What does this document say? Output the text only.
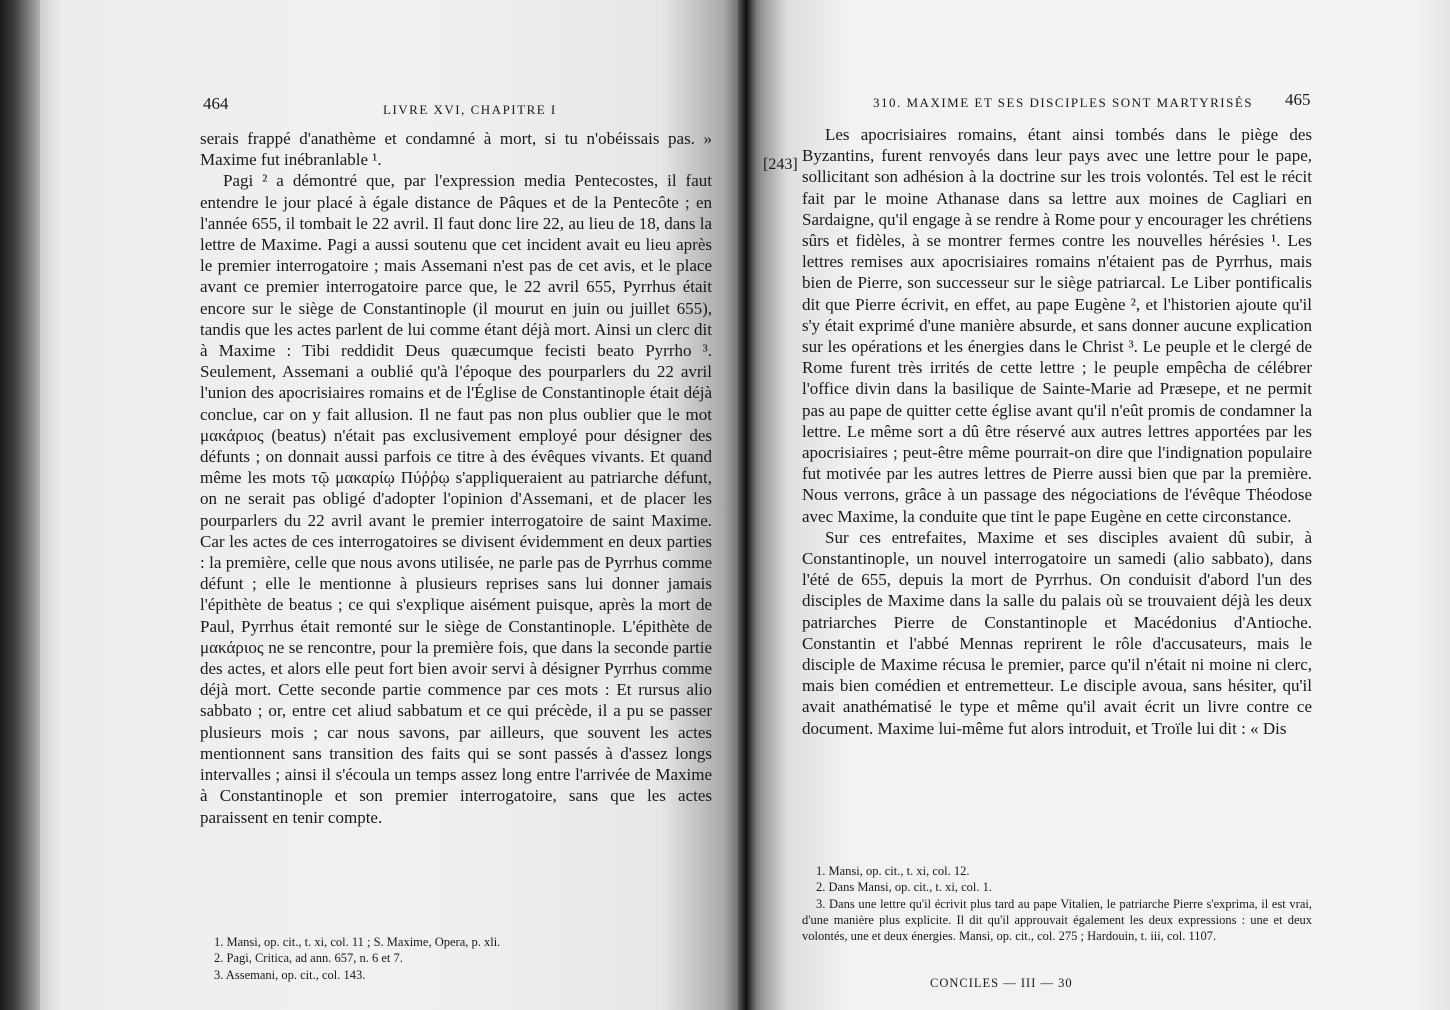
464	LIVRE XVI, CHAPITRE I

serais frappé d'anathème et condamné à mort, si tu n'obéissais pas. » Maxime fut inébranlable ¹.

Pagi ² a démontré que, par l'expression media Pentecostes, il faut entendre le jour placé à égale distance de Pâques et de la Pentecôte ; en l'année 655, il tombait le 22 avril. Il faut donc lire 22, au lieu de 18, dans la lettre de Maxime. Pagi a aussi soutenu que cet incident avait eu lieu après le premier interrogatoire ; mais Assemani n'est pas de cet avis, et le place avant ce premier interrogatoire parce que, le 22 avril 655, Pyrrhus était encore sur le siège de Constantinople (il mourut en juin ou juillet 655), tandis que les actes parlent de lui comme étant déjà mort. Ainsi un clerc dit à Maxime : Tibi reddidit Deus quæcumque fecisti beato Pyrrho ³. Seulement, Assemani a oublié qu'à l'époque des pourparlers du 22 avril l'union des apocrisiaires romains et de l'Église de Constantinople était déjà conclue, car on y fait allusion. Il ne faut pas non plus oublier que le mot μακάριος (beatus) n'était pas exclusivement employé pour désigner des défunts ; on donnait aussi parfois ce titre à des évêques vivants. Et quand même les mots τῷ μακαρίῳ Πύῤῥῳ s'appliqueraient au patriarche défunt, on ne serait pas obligé d'adopter l'opinion d'Assemani, et de placer les pourparlers du 22 avril avant le premier interrogatoire de saint Maxime. Car les actes de ces interrogatoires se divisent évidemment en deux parties : la première, celle que nous avons utilisée, ne parle pas de Pyrrhus comme défunt ; elle le mentionne à plusieurs reprises sans lui donner jamais l'épithète de beatus ; ce qui s'explique aisément puisque, après la mort de Paul, Pyrrhus était remonté sur le siège de Constantinople. L'épithète de μακάριος ne se rencontre, pour la première fois, que dans la seconde partie des actes, et alors elle peut fort bien avoir servi à désigner Pyrrhus comme déjà mort. Cette seconde partie commence par ces mots : Et rursus alio sabbato ; or, entre cet aliud sabbatum et ce qui précède, il a pu se passer plusieurs mois ; car nous savons, par ailleurs, que souvent les actes mentionnent sans transition des faits qui se sont passés à d'assez longs intervalles ; ainsi il s'écoula un temps assez long entre l'arrivée de Maxime à Constantinople et son premier interrogatoire, sans que les actes paraissent en tenir compte.

1. Mansi, op. cit., t. xi, col. 11 ; S. Maxime, Opera, p. xli.

2. Pagi, Critica, ad ann. 657, n. 6 et 7.

3. Assemani, op. cit., col. 143.

310. MAXIME ET SES DISCIPLES SONT MARTYRISÉS 465
[243]

Les apocrisiaires romains, étant ainsi tombés dans le piège des Byzantins, furent renvoyés dans leur pays avec une lettre pour le pape, sollicitant son adhésion à la doctrine sur les trois volontés. Tel est le récit fait par le moine Athanase dans sa lettre aux moines de Cagliari en Sardaigne, qu'il engage à se rendre à Rome pour y encourager les chrétiens sûrs et fidèles, à se montrer fermes contre les nouvelles hérésies ¹. Les lettres remises aux apocrisiaires romains n'étaient pas de Pyrrhus, mais bien de Pierre, son successeur sur le siège patriarcal. Le Liber pontificalis dit que Pierre écrivit, en effet, au pape Eugène ², et l'historien ajoute qu'il s'y était exprimé d'une manière absurde, et sans donner aucune explication sur les opérations et les énergies dans le Christ ³. Le peuple et le clergé de Rome furent très irrités de cette lettre ; le peuple empêcha de célébrer l'office divin dans la basilique de Sainte-Marie ad Præsepe, et ne permit pas au pape de quitter cette église avant qu'il n'eût promis de condamner la lettre. Le même sort a dû être réservé aux autres lettres apportées par les apocrisiaires ; peut-être même pourrait-on dire que l'indignation populaire fut motivée par les autres lettres de Pierre aussi bien que par la première. Nous verrons, grâce à un passage des négociations de l'évêque Théodose avec Maxime, la conduite que tint le pape Eugène en cette circonstance.

Sur ces entrefaites, Maxime et ses disciples avaient dû subir, à Constantinople, un nouvel interrogatoire un samedi (alio sabbato), dans l'été de 655, depuis la mort de Pyrrhus. On conduisit d'abord l'un des disciples de Maxime dans la salle du palais où se trouvaient déjà les deux patriarches Pierre de Constantinople et Macédonius d'Antioche. Constantin et l'abbé Mennas reprirent le rôle d'accusateurs, mais le disciple de Maxime récusa le premier, parce qu'il n'était ni moine ni clerc, mais bien comédien et entremetteur. Le disciple avoua, sans hésiter, qu'il avait anathématisé le type et même qu'il avait écrit un livre contre ce document. Maxime lui-même fut alors introduit, et Troïle lui dit : « Dis

1. Mansi, op. cit., t. xi, col. 12.

2. Dans Mansi, op. cit., t. xi, col. 1.

3. Dans une lettre qu'il écrivit plus tard au pape Vitalien, le patriarche Pierre s'exprima, il est vrai, d'une manière plus explicite. Il dit qu'il approuvait également les deux expressions : une et deux volontés, une et deux énergies. Mansi, op. cit., col. 275 ; Hardouin, t. iii, col. 1107.

CONCILES — III — 30
